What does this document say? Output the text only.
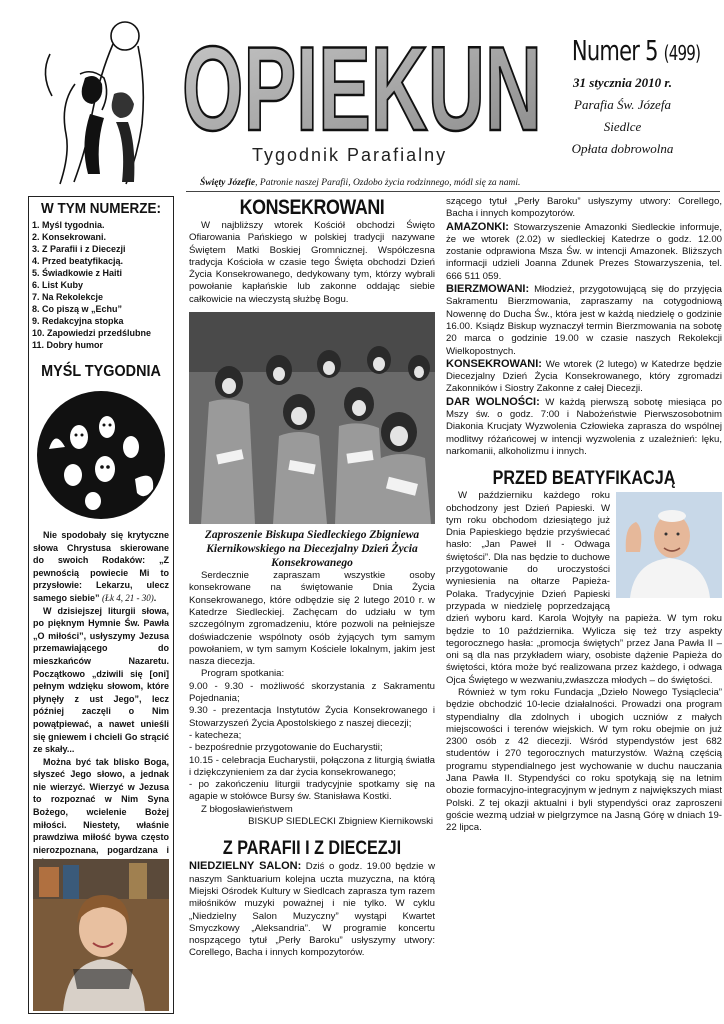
OPIEKUN
Tygodnik Parafialny
Numer 5 (499)
31 stycznia 2010 r.
Parafia Św. Józefa
Siedlce
Opłata dobrowolna
Święty Józefie, Patronie naszej Parafii, Ozdobo życia rodzinnego, módl się za nami.
W TYM NUMERZE:
1. Myśl tygodnia.
2. Konsekrowani.
3. Z Parafii i z Diecezji
4. Przed beatyfikacją.
5. Świadkowie z Haiti
6. List Kuby
7. Na Rekolekcje
8. Co piszą w „Echu”
9. Redakcyjna stopka
10. Zapowiedzi przedślubne
11. Dobry humor
MYŚL TYGODNIA

Nie spodobały się krytyczne słowa Chrystusa skierowane do swoich Rodaków: „Z pewnością powiecie Mi to przysłowie: Lekarzu, ulecz samego siebie” (Łk 4, 21 - 30).

W dzisiejszej liturgii słowa, po pięknym Hymnie Św. Pawła „O miłości”, usłyszymy Jezusa przemawiającego do mieszkańców Nazaretu. Początkowo „dziwili się [oni] pełnym wdzięku słowom, które płynęły z ust Jego”, lecz później zaczęli o Nim powątpiewać, a nawet unieśli się gniewem i chcieli Go strącić ze skały...

Można być tak blisko Boga, słyszeć Jego słowo, a jednak nie wierzyć. Wierzyć w Jezusa to rozpoznać w Nim Syna Bożego, wcielenie Bożej miłości. Niestety, właśnie prawdziwa miłość bywa często nierozpoznana, pogardzana i

KONSEKROWANI

W najbliższy wtorek Kościół obchodzi Święto Ofiarowania Pańskiego w polskiej tradycji nazywane Świętem Matki Boskiej Gromnicznej. Współczesna tradycja Kościoła w czasie tego Święta obchodzi Dzień Życia Konsekrowanego, dedykowany tym, którzy wybrali powołanie kapłańskie lub zakonne oddając siebie całkowicie na wieczystą służbę Bogu.

Zaproszenie Biskupa Siedleckiego Zbigniewa Kiernikowskiego na Diecezjalny Dzień Życia Konsekrowanego

Serdecznie zapraszam wszystkie osoby konsekrowane na świętowanie Dnia Życia Konsekrowanego, które odbędzie się 2 lutego 2010 r. w Katedrze Siedleckiej. Zachęcam do udziału w tym szczególnym zgromadzeniu, które pozwoli na pełniejsze doświadczenie wspólnoty osób żyjących tym samym powołaniem, w tym samym Kościele lokalnym, jakim jest nasza diecezja.

Program spotkania:

9.00 - 9.30 - możliwość skorzystania z Sakramentu Pojednania;
9.30 - prezentacja Instytutów Życia Konsekrowanego i Stowarzyszeń Życia Apostolskiego z naszej diecezji;
- katecheza;
- bezpośrednie przygotowanie do Eucharystii;
10.15 - celebracja Eucharystii, połączona z liturgią światła i dziękczynieniem za dar życia konsekrowanego;
- po zakończeniu liturgii tradycyjnie spotkamy się na agapie w stołówce Bursy św. Stanisława Kostki.

Z błogosławieństwem

BISKUP SIEDLECKI Zbigniew Kiernikowski

Z PARAFII I Z DIECEZJI

NIEDZIELNY SALON: Dziś o godz. 19.00 będzie w naszym Sanktuarium kolejna uczta muzyczna, na którą Miejski Ośrodek Kultury w Siedlcach zaprasza tym razem miłośników muzyki poważnej i nie tylko. W cyklu „Niedzielny Salon Muzyczny” wystąpi Kwartet Smyczkowy „Aleksandria”. W programie koncertu nospzącego tytuł „Perły Baroku” usłyszymy utwory: Corellego, Bacha i innych kompozytorów.

szącego tytuł „Perły Baroku” usłyszymy utwory: Corellego, Bacha i innych kompozytorów.

AMAZONKI: Stowarzyszenie Amazonki Siedleckie informuje, że we wtorek (2.02) w siedleckiej Katedrze o godz. 12.00 zostanie odprawiona Msza Św. w intencji Amazonek. Bliższych informacji udzieli Joanna Zdunek Prezes Stowarzyszenia, tel. 666 511 059.

BIERZMOWANI: Młodzież, przygotowującą się do przyjęcia Sakramentu Bierzmowania, zapraszamy na cotygodniową Nowennę do Ducha Św., która jest w każdą niedzielę o godzinie 16.00. Ksiądz Biskup wyznaczył termin Bierzmowania na sobotę 20 marca o godzinie 19.00 w czasie naszych Rekolekcji Wielkopostnych.

KONSEKROWANI: We wtorek (2 lutego) w Katedrze będzie Diecezjalny Dzień Życia Konsekrowanego, który zgromadzi Zakonników i Siostry Zakonne z całej Diecezji.

DAR WOLNOŚCI: W każdą pierwszą sobotę miesiąca po Mszy św. o godz. 7:00 i Nabożeństwie Pierwszosobotnim Diakonia Krucjaty Wyzwolenia Człowieka zaprasza do wspólnej modlitwy różańcowej w intencji wyzwolenia z uzależnień: lęku, narkomanii, alkoholizmu i innych.

PRZED BEATYFIKACJĄ

W październiku każdego roku obchodzony jest Dzień Papieski. W tym roku obchodom dziesiątego już Dnia Papieskiego będzie przyświecać hasło: „Jan Paweł II - Odwaga świętości”. Dla nas będzie to duchowe przygotowanie do uroczystości wyniesienia na ołtarze Papieża-Polaka. Tradycyjnie Dzień Papieski przypada w niedzielę poprzedzającą dzień wyboru kard. Karola Wojtyły na papieża. W tym roku będzie to 10 października. Wylicza się też trzy aspekty tegorocznego hasła: „promocja świętych” przez Jana Pawła II – oni są dla nas przykładem wiary, osobiste dążenie Papieża do świętości, która może być realizowana przez każdego, i odwaga Ojca Świętego w wezwaniu,zwłaszcza młodych – do świętości.

Również w tym roku Fundacja „Dzieło Nowego Tysiąclecia” będzie obchodzić 10-lecie działalności. Prowadzi ona program stypendialny dla zdolnych i ubogich uczniów z małych miejscowości i terenów wiejskich. W tym roku obejmie on już 2300 osób z 42 diecezji. Wśród stypendystów jest 682 studentów i 270 tegorocznych maturzystów. Ważną częścią programu stypendialnego jest wychowanie w duchu nauczania Jana Pawła II. Stypendyści co roku spotykają się na letnim obozie formacyjno-integracyjnym w jednym z największych miast Polski. Z tej okazji aktualni i byli stypendyści oraz zaproszeni goście wezmą udział w pielgrzymce na Jasną Górę w dniach 19-22 lipca.
